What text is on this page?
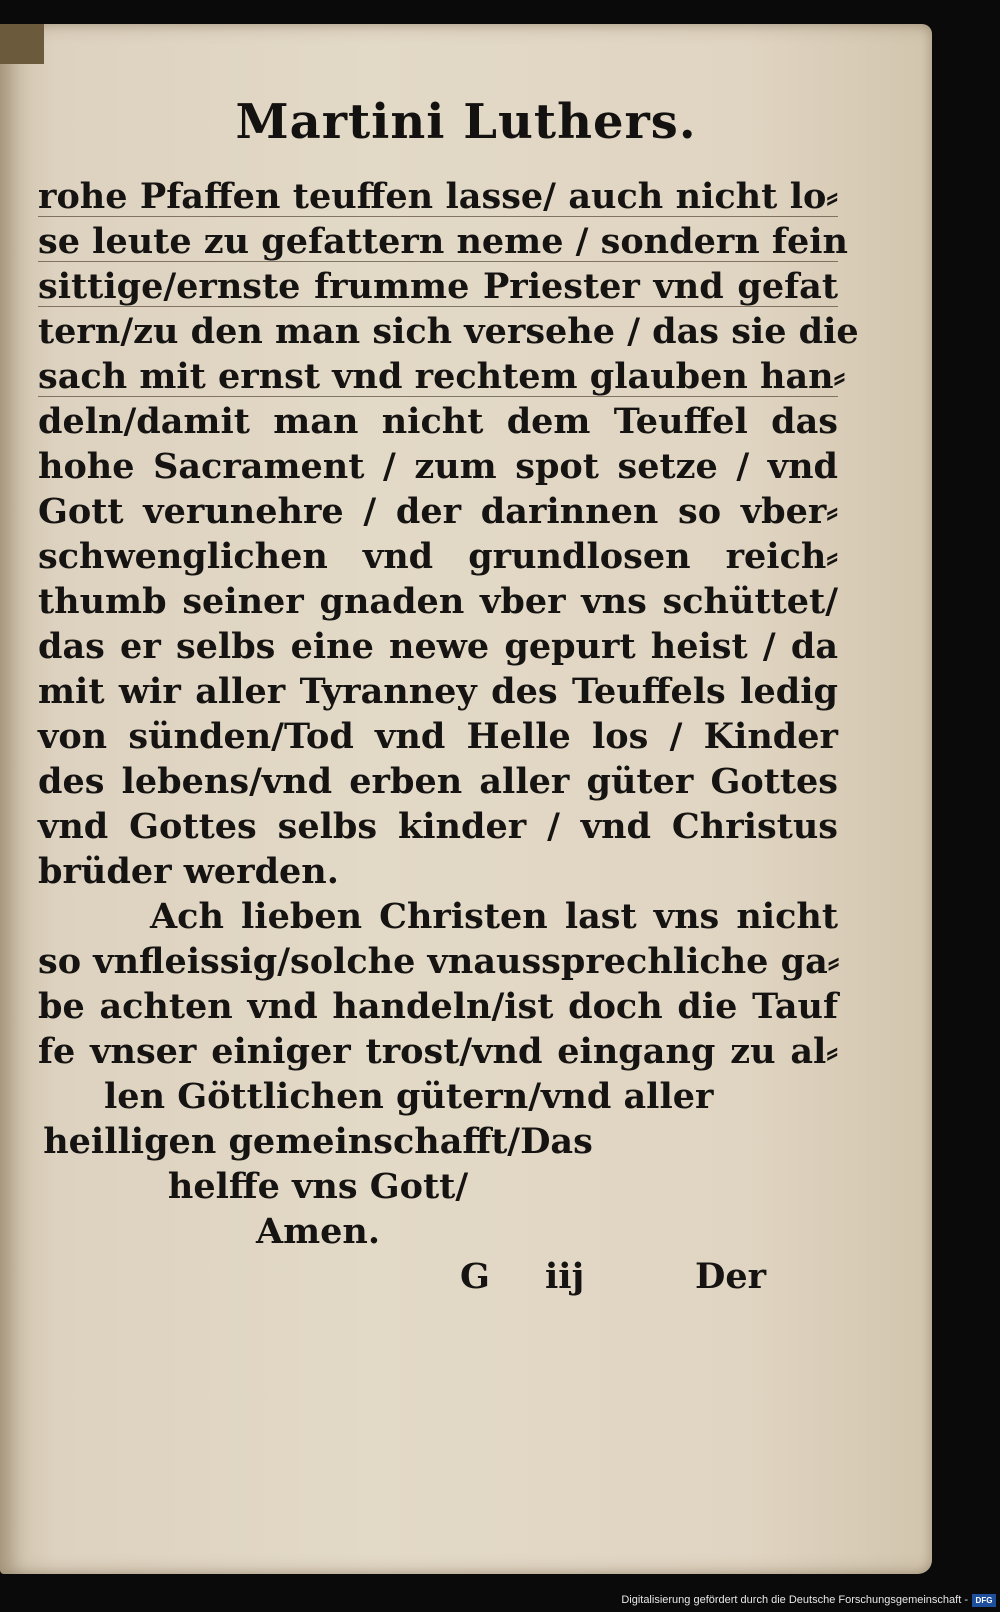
Martini Luthers.
rohe Pfaffen teuffen lasse/ auch nicht lo⸗
se leute zu gefattern neme / sondern fein
sittige/ernste frumme Priester vnd gefat
tern/zu den man sich versehe / das sie die
sach mit ernst vnd rechtem glauben han⸗
deln/damit man nicht dem Teuffel das
hohe Sacrament / zum spot setze / vnd
Gott verunehre / der darinnen so vber⸗
schwenglichen vnd grundlosen reich⸗
thumb seiner gnaden vber vns schüttet/
das er selbs eine newe gepurt heist / da
mit wir aller Tyranney des Teuffels ledig
von sünden/Tod vnd Helle los / Kinder
des lebens/vnd erben aller güter Gottes
vnd Gottes selbs kinder / vnd Christus
brüder werden.
Ach lieben Christen last vns nicht
so vnfleissig/solche vnaussprechliche ga⸗
be achten vnd handeln/ist doch die Tauf
fe vnser einiger trost/vnd eingang zu al⸗
len Göttlichen gütern/vnd aller
heilligen gemeinschafft/Das
helffe vns Gott/
Amen.
G iij	Der
Digitalisierung gefördert durch die Deutsche Forschungsgemeinschaft - DFG
